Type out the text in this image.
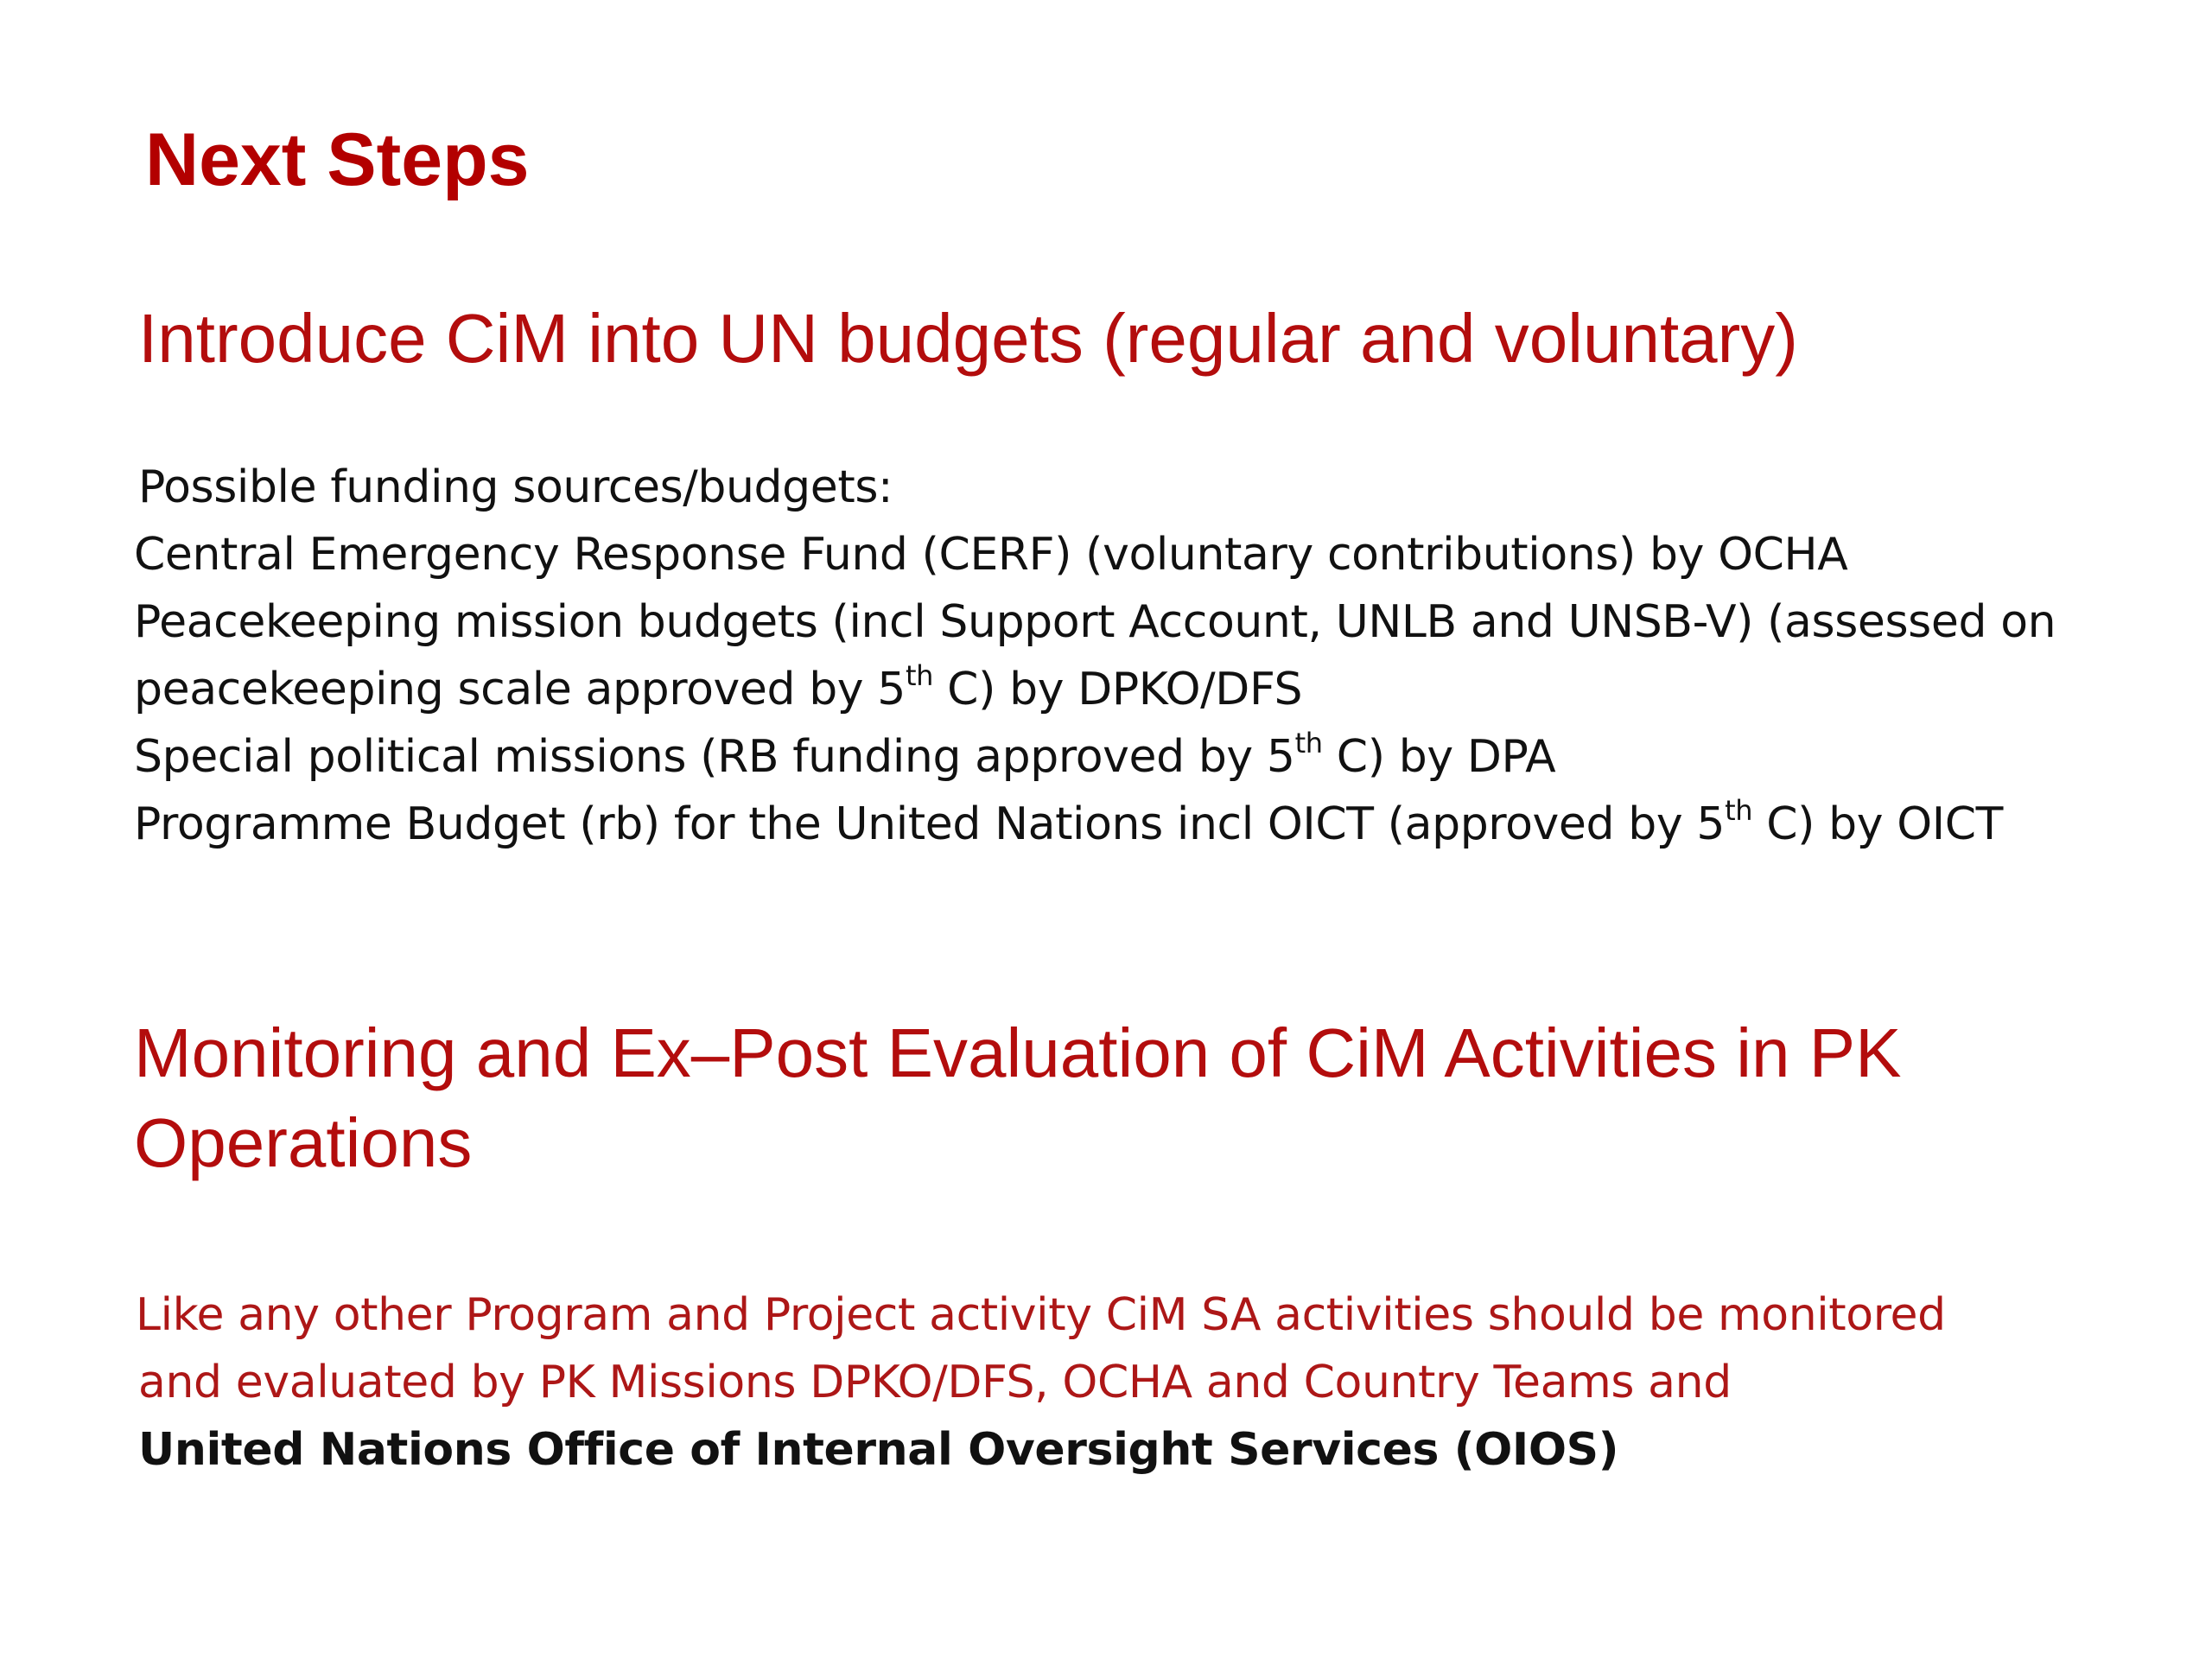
Next Steps
Introduce CiM into UN budgets (regular and voluntary)
Possible funding sources/budgets:
Central Emergency Response Fund (CERF) (voluntary contributions) by OCHA
Peacekeeping mission budgets (incl Support Account, UNLB and UNSB-V) (assessed on
peacekeeping scale approved by 5th C) by DPKO/DFS
Special political missions (RB funding approved by 5th C) by DPA
Programme Budget (rb) for the United Nations incl OICT (approved by 5th C) by OICT
Monitoring and Ex–Post Evaluation of CiM Activities in PK
Operations
Like any other Program and Project activity CiM SA activities should be monitored
and evaluated by PK Missions DPKO/DFS, OCHA and Country Teams and
United Nations Office of Internal Oversight Services (OIOS)
